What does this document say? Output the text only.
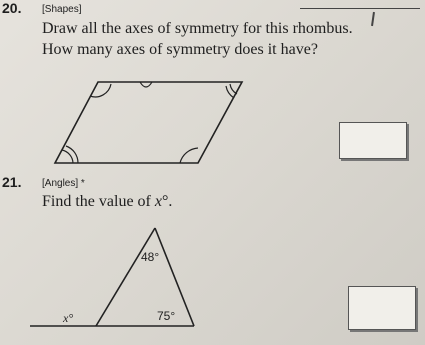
20. [Shapes]
Draw all the axes of symmetry for this rhombus.
How many axes of symmetry does it have?
21. [Angles] *
Find the value of x°.
48°
75°
x°
